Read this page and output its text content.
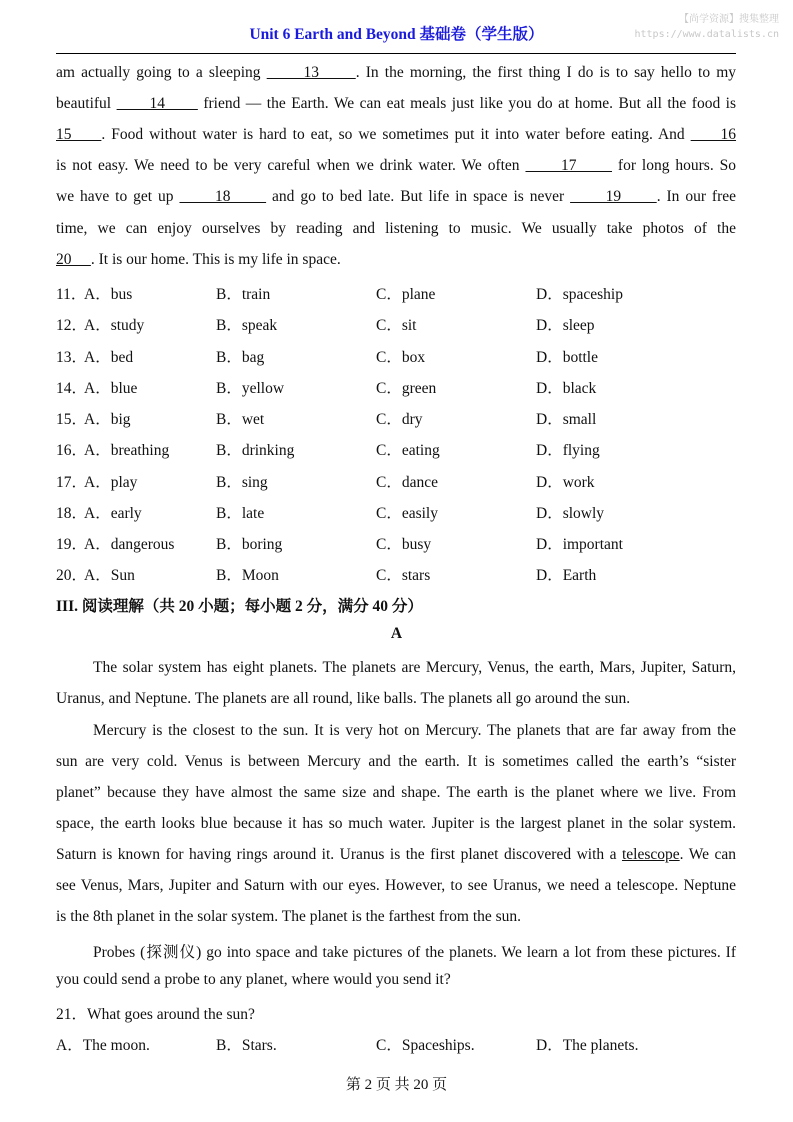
Unit 6 Earth and Beyond 基础卷（学生版）
【尚学资源】搜集整理
https://www.datalists.cn
am actually going to a sleeping       13      . In the morning, the first thing I do is to say hello to my
beautiful       14       friend — the Earth. We can eat meals just like you do at home. But all the food is
15     . Food without water is hard to eat, so we sometimes put it into water before eating. And      16
is not easy. We need to be very careful when we drink water. We often       17       for long hours. So
we have to get up       18       and go to bed late. But life in space is never       19      . In our free
time, we can enjoy ourselves by reading and listening to music. We usually take photos of the
20     . It is our home. This is my life in space.
11．
A．bus	B．train	C．plane	D．spaceship
12．
A．study	B．speak	C．sit	D．sleep
13．
A．bed	B．bag	C．box	D．bottle
14．
A．blue	B．yellow	C．green	D．black
15．
A．big	B．wet	C．dry	D．small
16．
A．breathing	B．drinking	C．eating	D．flying
17．
A．play	B．sing	C．dance	D．work
18．
A．early	B．late	C．easily	D．slowly
19．
A．dangerous	B．boring	C．busy	D．important
20．
A．Sun	B．Moon	C．stars	D．Earth
III. 阅读理解（共 20 小题；每小题 2 分，满分 40 分）
A
The solar system has eight planets. The planets are Mercury, Venus, the earth, Mars, Jupiter, Saturn,
Uranus, and Neptune. The planets are all round, like balls. The planets all go around the sun.
Mercury is the closest to the sun. It is very hot on Mercury. The planets that are far away from the
sun are very cold. Venus is between Mercury and the earth. It is sometimes called the earth’s “sister
planet” because they have almost the same size and shape. The earth is the planet where we live. From
space, the earth looks blue because it has so much water. Jupiter is the largest planet in the solar system.
Saturn is known for having rings around it. Uranus is the first planet discovered with a telescope. We can
see Venus, Mars, Jupiter and Saturn with our eyes. However, to see Uranus, we need a telescope. Neptune
is the 8th planet in the solar system. The planet is the farthest from the sun.
Probes (探测仪) go into space and take pictures of the planets. We learn a lot from these pictures. If
you could send a probe to any planet, where would you send it?
21．What goes around the sun?
A．The moon.	B．Stars.	C．Spaceships.	D．The planets.
第 2 页 共 20 页
